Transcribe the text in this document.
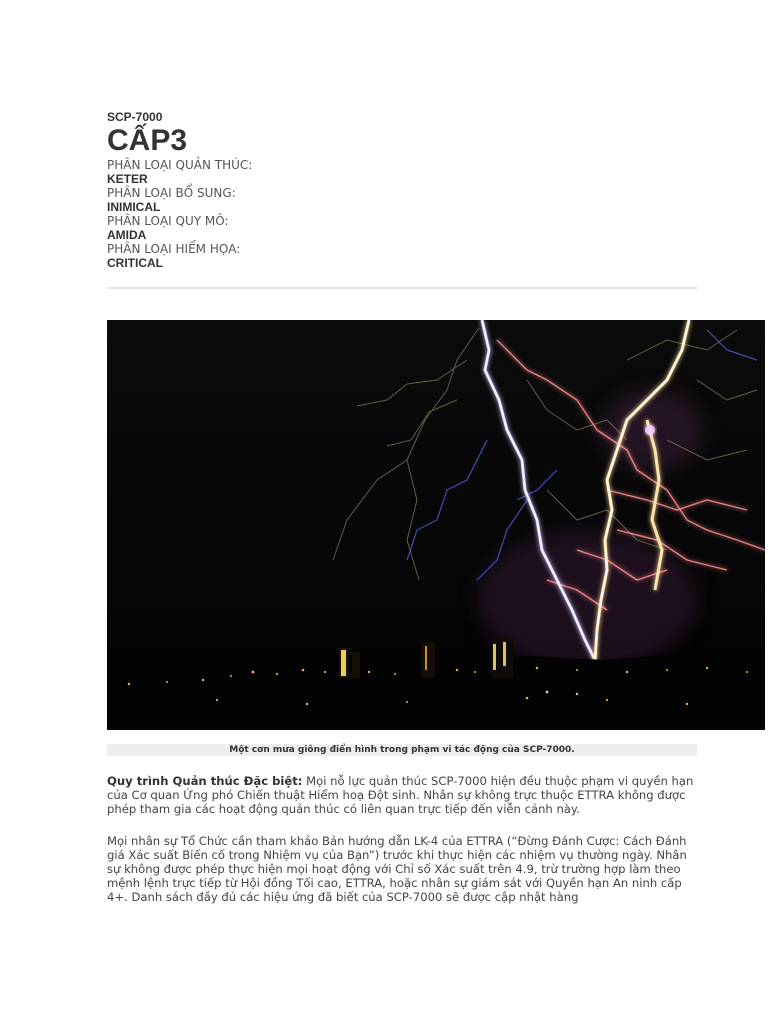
SCP-7000
CẤP3
PHÂN LOẠI QUẢN THÚC:
KETER
PHÂN LOẠI BỔ SUNG:
INIMICAL
PHÂN LOẠI QUY MÔ:
AMIDA
PHÂN LOẠI HIỂM HỌA:
CRITICAL
Một cơn mưa giông điển hình trong phạm vi tác động của SCP-7000.

Quy trình Quản thúc Đặc biệt: Mọi nỗ lực quản thúc SCP-7000 hiện đều thuộc phạm vi quyền hạn của Cơ quan Ứng phó Chiến thuật Hiểm hoạ Đột sinh. Nhân sự không trực thuộc ETTRA không được phép tham gia các hoạt động quản thúc có liên quan trực tiếp đến viễn cảnh này.

Mọi nhân sự Tổ Chức cần tham khảo Bản hướng dẫn LK-4 của ETTRA (“Đừng Đánh Cược: Cách Đánh giá Xác suất Biến cố trong Nhiệm vụ của Bạn”) trước khi thực hiện các nhiệm vụ thường ngày. Nhân sự không được phép thực hiện mọi hoạt động với Chỉ số Xác suất trên 4.9, trừ trường hợp làm theo mệnh lệnh trực tiếp từ Hội đồng Tối cao, ETTRA, hoặc nhân sự giám sát với Quyền hạn An ninh cấp 4+. Danh sách đầy đủ các hiệu ứng đã biết của SCP-7000 sẽ được cập nhật hàng
